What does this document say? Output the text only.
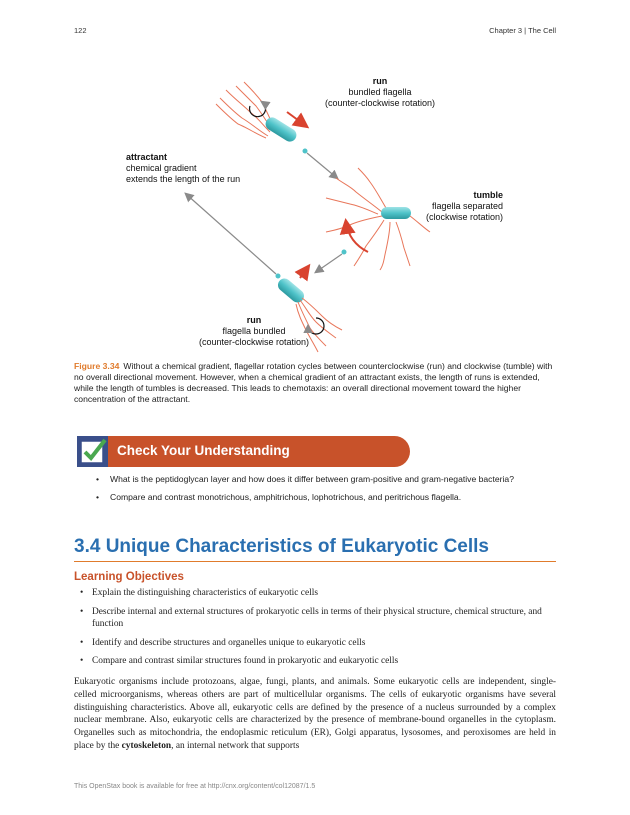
122	Chapter 3 | The Cell
run
bundled flagella
(counter-clockwise rotation)
attractant
chemical gradient
extends the length of the run
tumble
flagella separated
(clockwise rotation)
run
flagella bundled
(counter-clockwise rotation)
Figure 3.34 Without a chemical gradient, flagellar rotation cycles between counterclockwise (run) and clockwise (tumble) with no overall directional movement. However, when a chemical gradient of an attractant exists, the length of runs is extended, while the length of tumbles is decreased. This leads to chemotaxis: an overall directional movement toward the higher concentration of the attractant.
Check Your Understanding
• What is the peptidoglycan layer and how does it differ between gram-positive and gram-negative bacteria?
• Compare and contrast monotrichous, amphitrichous, lophotrichous, and peritrichous flagella.
3.4 Unique Characteristics of Eukaryotic Cells
Learning Objectives
• Explain the distinguishing characteristics of eukaryotic cells
• Describe internal and external structures of prokaryotic cells in terms of their physical structure, chemical structure, and function
• Identify and describe structures and organelles unique to eukaryotic cells
• Compare and contrast similar structures found in prokaryotic and eukaryotic cells
Eukaryotic organisms include protozoans, algae, fungi, plants, and animals. Some eukaryotic cells are independent, single-celled microorganisms, whereas others are part of multicellular organisms. The cells of eukaryotic organisms have several distinguishing characteristics. Above all, eukaryotic cells are defined by the presence of a nucleus surrounded by a complex nuclear membrane. Also, eukaryotic cells are characterized by the presence of membrane-bound organelles in the cytoplasm. Organelles such as mitochondria, the endoplasmic reticulum (ER), Golgi apparatus, lysosomes, and peroxisomes are held in place by the cytoskeleton, an internal network that supports
This OpenStax book is available for free at http://cnx.org/content/col12087/1.5
